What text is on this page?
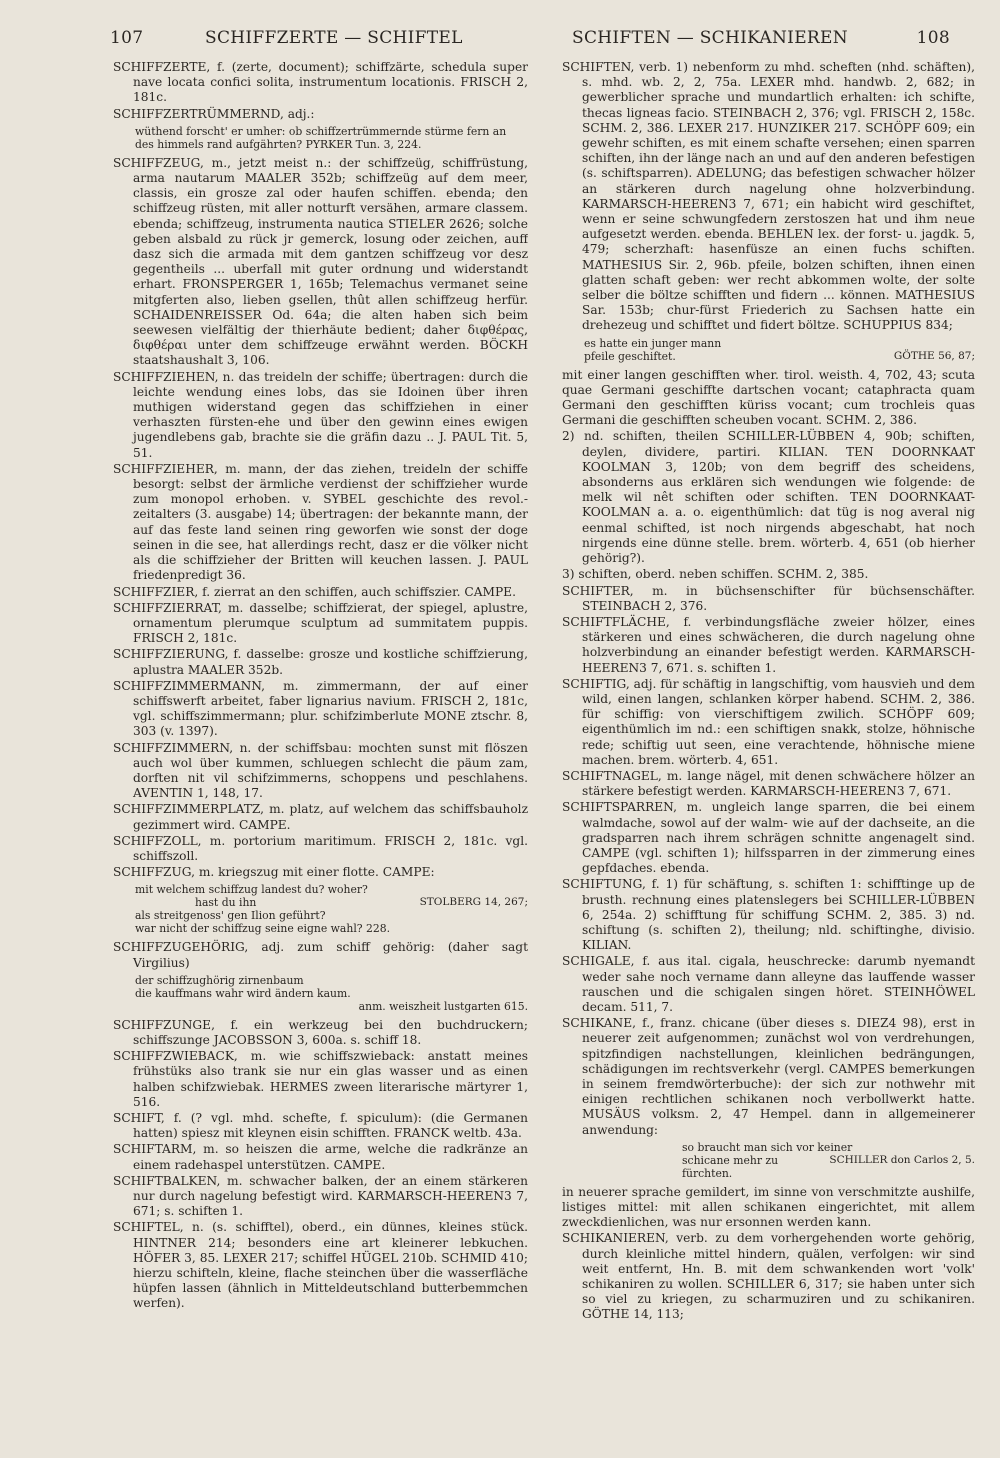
107	SCHIFFZERTE — SCHIFTEL	SCHIFTEN — SCHIKANIEREN	108

SCHIFFZERTE, f. (zerte, document); schiffzärte, schedula super nave locata confici solita, instrumentum locationis. FRISCH 2, 181c.

SCHIFFZERTRÜMMERND, adj.:

wüthend forscht' er umher: ob schiffzertrümmernde stürme fern an des himmels rand aufgährten? PYRKER Tun. 3, 224.

SCHIFFZEUG, m., jetzt meist n.: der schiffzeüg, schiffrüstung, arma nautarum MAALER 352b; schiffzeüg auf dem meer, classis, ein grosze zal oder haufen schiffen. ebenda; den schiffzeug rüsten, mit aller notturft versähen, armare classem. ebenda; schiffzeug, instrumenta nautica STIELER 2626; solche geben alsbald zu rück jr gemerck, losung oder zeichen, auff dasz sich die armada mit dem gantzen schiffzeug vor desz gegentheils ... uberfall mit guter ordnung und widerstandt erhart. FRONSPERGER 1, 165b; Telemachus vermanet seine mitgferten also, lieben gsellen, thût allen schiffzeug herfür. SCHAIDENREISSER Od. 64a; die alten haben sich beim seewesen vielfältig der thierhäute bedient; daher διφθέρας, διφθέραι unter dem schiffzeuge erwähnt werden. BÖCKH staatshaushalt 3, 106.

SCHIFFZIEHEN, n. das treideln der schiffe; übertragen: durch die leichte wendung eines lobs, das sie Idoinen über ihren muthigen widerstand gegen das schiffziehen in einer verhaszten fürsten-ehe und über den gewinn eines ewigen jugendlebens gab, brachte sie die gräfin dazu .. J. PAUL Tit. 5, 51.

SCHIFFZIEHER, m. mann, der das ziehen, treideln der schiffe besorgt: selbst der ärmliche verdienst der schiffzieher wurde zum monopol erhoben. v. SYBEL geschichte des revol.-zeitalters (3. ausgabe) 14; übertragen: der bekannte mann, der auf das feste land seinen ring geworfen wie sonst der doge seinen in die see, hat allerdings recht, dasz er die völker nicht als die schiffzieher der Britten will keuchen lassen. J. PAUL friedenpredigt 36.

SCHIFFZIER, f. zierrat an den schiffen, auch schiffszier. CAMPE.

SCHIFFZIERRAT, m. dasselbe; schiffzierat, der spiegel, aplustre, ornamentum plerumque sculptum ad summitatem puppis. FRISCH 2, 181c.

SCHIFFZIERUNG, f. dasselbe: grosze und kostliche schiffzierung, aplustra MAALER 352b.

SCHIFFZIMMERMANN, m. zimmermann, der auf einer schiffswerft arbeitet, faber lignarius navium. FRISCH 2, 181c, vgl. schiffszimmermann; plur. schifzimberlute MONE ztschr. 8, 303 (v. 1397).

SCHIFFZIMMERN, n. der schiffsbau: mochten sunst mit flöszen auch wol über kummen, schluegen schlecht die päum zam, dorften nit vil schifzimmerns, schoppens und peschlahens. AVENTIN 1, 148, 17.

SCHIFFZIMMERPLATZ, m. platz, auf welchem das schiffsbauholz gezimmert wird. CAMPE.

SCHIFFZOLL, m. portorium maritimum. FRISCH 2, 181c. vgl. schiffszoll.

SCHIFFZUG, m. kriegszug mit einer flotte. CAMPE:

mit welchem schiffzug landest du? woher?
STOLBERG 14, 267;
hast du ihn
als streitgenoss' gen Ilion geführt?
war nicht der schiffzug seine eigne wahl? 228.

SCHIFFZUGEHÖRIG, adj. zum schiff gehörig: (daher sagt Virgilius)

der schiffzughörig zirnenbaum
die kauffmans wahr wird ändern kaum.
anm. weiszheit lustgarten 615.

SCHIFFZUNGE, f. ein werkzeug bei den buchdruckern; schiffszunge JACOBSSON 3, 600a. s. schiff 18.

SCHIFFZWIEBACK, m. wie schiffszwieback: anstatt meines frühstüks also trank sie nur ein glas wasser und as einen halben schifzwiebak. HERMES zween literarische märtyrer 1, 516.

SCHIFT, f. (? vgl. mhd. schefte, f. spiculum): (die Germanen hatten) spiesz mit kleynen eisin schifften. FRANCK weltb. 43a.

SCHIFTARM, m. so heiszen die arme, welche die radkränze an einem radehaspel unterstützen. CAMPE.

SCHIFTBALKEN, m. schwacher balken, der an einem stärkeren nur durch nagelung befestigt wird. KARMARSCH-HEEREN3 7, 671; s. schiften 1.

SCHIFTEL, n. (s. schifftel), oberd., ein dünnes, kleines stück. HINTNER 214; besonders eine art kleinerer lebkuchen. HÖFER 3, 85. LEXER 217; schiffel HÜGEL 210b. SCHMID 410; hierzu schifteln, kleine, flache steinchen über die wasserfläche hüpfen lassen (ähnlich in Mitteldeutschland butterbemmchen werfen).

SCHIFTEN, verb. 1) nebenform zu mhd. scheften (nhd. schäften), s. mhd. wb. 2, 2, 75a. LEXER mhd. handwb. 2, 682; in gewerblicher sprache und mundartlich erhalten: ich schifte, thecas ligneas facio. STEINBACH 2, 376; vgl. FRISCH 2, 158c. SCHM. 2, 386. LEXER 217. HUNZIKER 217. SCHÖPF 609; ein gewehr schiften, es mit einem schafte versehen; einen sparren schiften, ihn der länge nach an und auf den anderen befestigen (s. schiftsparren). ADELUNG; das befestigen schwacher hölzer an stärkeren durch nagelung ohne holzverbindung. KARMARSCH-HEEREN3 7, 671; ein habicht wird geschiftet, wenn er seine schwungfedern zerstoszen hat und ihm neue aufgesetzt werden. ebenda. BEHLEN lex. der forst- u. jagdk. 5, 479; scherzhaft: hasenfüsze an einen fuchs schiften. MATHESIUS Sir. 2, 96b. pfeile, bolzen schiften, ihnen einen glatten schaft geben: wer recht abkommen wolte, der solte selber die böltze schifften und fidern ... können. MATHESIUS Sar. 153b; chur-fürst Friederich zu Sachsen hatte ein drehezeug und schifftet und fidert böltze. SCHUPPIUS 834;

es hatte ein junger mann
GÖTHE 56, 87;
pfeile geschiftet.

mit einer langen geschifften wher. tirol. weisth. 4, 702, 43; scuta quae Germani geschiffte dartschen vocant; cataphracta quam Germani den geschifften küriss vocant; cum trochleis quas Germani die geschifften scheuben vocant. SCHM. 2, 386.

2) nd. schiften, theilen SCHILLER-LÜBBEN 4, 90b; schiften, deylen, dividere, partiri. KILIAN. TEN DOORNKAAT KOOLMAN 3, 120b; von dem begriff des scheidens, absonderns aus erklären sich wendungen wie folgende: de melk wil nêt schiften oder schiften. TEN DOORNKAAT-KOOLMAN a. a. o. eigenthümlich: dat tüg is nog averal nig eenmal schifted, ist noch nirgends abgeschabt, hat noch nirgends eine dünne stelle. brem. wörterb. 4, 651 (ob hierher gehörig?).

3) schiften, oberd. neben schiffen. SCHM. 2, 385.

SCHIFTER, m. in büchsenschifter für büchsenschäfter. STEINBACH 2, 376.

SCHIFTFLÄCHE, f. verbindungsfläche zweier hölzer, eines stärkeren und eines schwächeren, die durch nagelung ohne holzverbindung an einander befestigt werden. KARMARSCH-HEEREN3 7, 671. s. schiften 1.

SCHIFTIG, adj. für schäftig in langschiftig, vom hausvieh und dem wild, einen langen, schlanken körper habend. SCHM. 2, 386. für schiffig: von vierschiftigem zwilich. SCHÖPF 609; eigenthümlich im nd.: een schiftigen snakk, stolze, höhnische rede; schiftig uut seen, eine verachtende, höhnische miene machen. brem. wörterb. 4, 651.

SCHIFTNAGEL, m. lange nägel, mit denen schwächere hölzer an stärkere befestigt werden. KARMARSCH-HEEREN3 7, 671.

SCHIFTSPARREN, m. ungleich lange sparren, die bei einem walmdache, sowol auf der walm- wie auf der dachseite, an die gradsparren nach ihrem schrägen schnitte angenagelt sind. CAMPE (vgl. schiften 1); hilfssparren in der zimmerung eines gepfdaches. ebenda.

SCHIFTUNG, f. 1) für schäftung, s. schiften 1: schifftinge up de brusth. rechnung eines platenslegers bei SCHILLER-LÜBBEN 6, 254a. 2) schifftung für schiffung SCHM. 2, 385. 3) nd. schiftung (s. schiften 2), theilung; nld. schiftinghe, divisio. KILIAN.

SCHIGALE, f. aus ital. cigala, heuschrecke: darumb nyemandt weder sahe noch vername dann alleyne das lauffende wasser rauschen und die schigalen singen höret. STEINHÖWEL decam. 511, 7.

SCHIKANE, f., franz. chicane (über dieses s. DIEZ4 98), erst in neuerer zeit aufgenommen; zunächst wol von verdrehungen, spitzfindigen nachstellungen, kleinlichen bedrängungen, schädigungen im rechtsverkehr (vergl. CAMPES bemerkungen in seinem fremdwörterbuche): der sich zur nothwehr mit einigen rechtlichen schikanen noch verbollwerkt hatte. MUSÄUS volksm. 2, 47 Hempel. dann in allgemeinerer anwendung:

so braucht man sich vor keiner
SCHILLER don Carlos 2, 5.
schicane mehr zu fürchten.

in neuerer sprache gemildert, im sinne von verschmitzte aushilfe, listiges mittel: mit allen schikanen eingerichtet, mit allem zweckdienlichen, was nur ersonnen werden kann.

SCHIKANIEREN, verb. zu dem vorhergehenden worte gehörig, durch kleinliche mittel hindern, quälen, verfolgen: wir sind weit entfernt, Hn. B. mit dem schwankenden wort 'volk' schikaniren zu wollen. SCHILLER 6, 317; sie haben unter sich so viel zu kriegen, zu scharmuziren und zu schikaniren. GÖTHE 14, 113;
